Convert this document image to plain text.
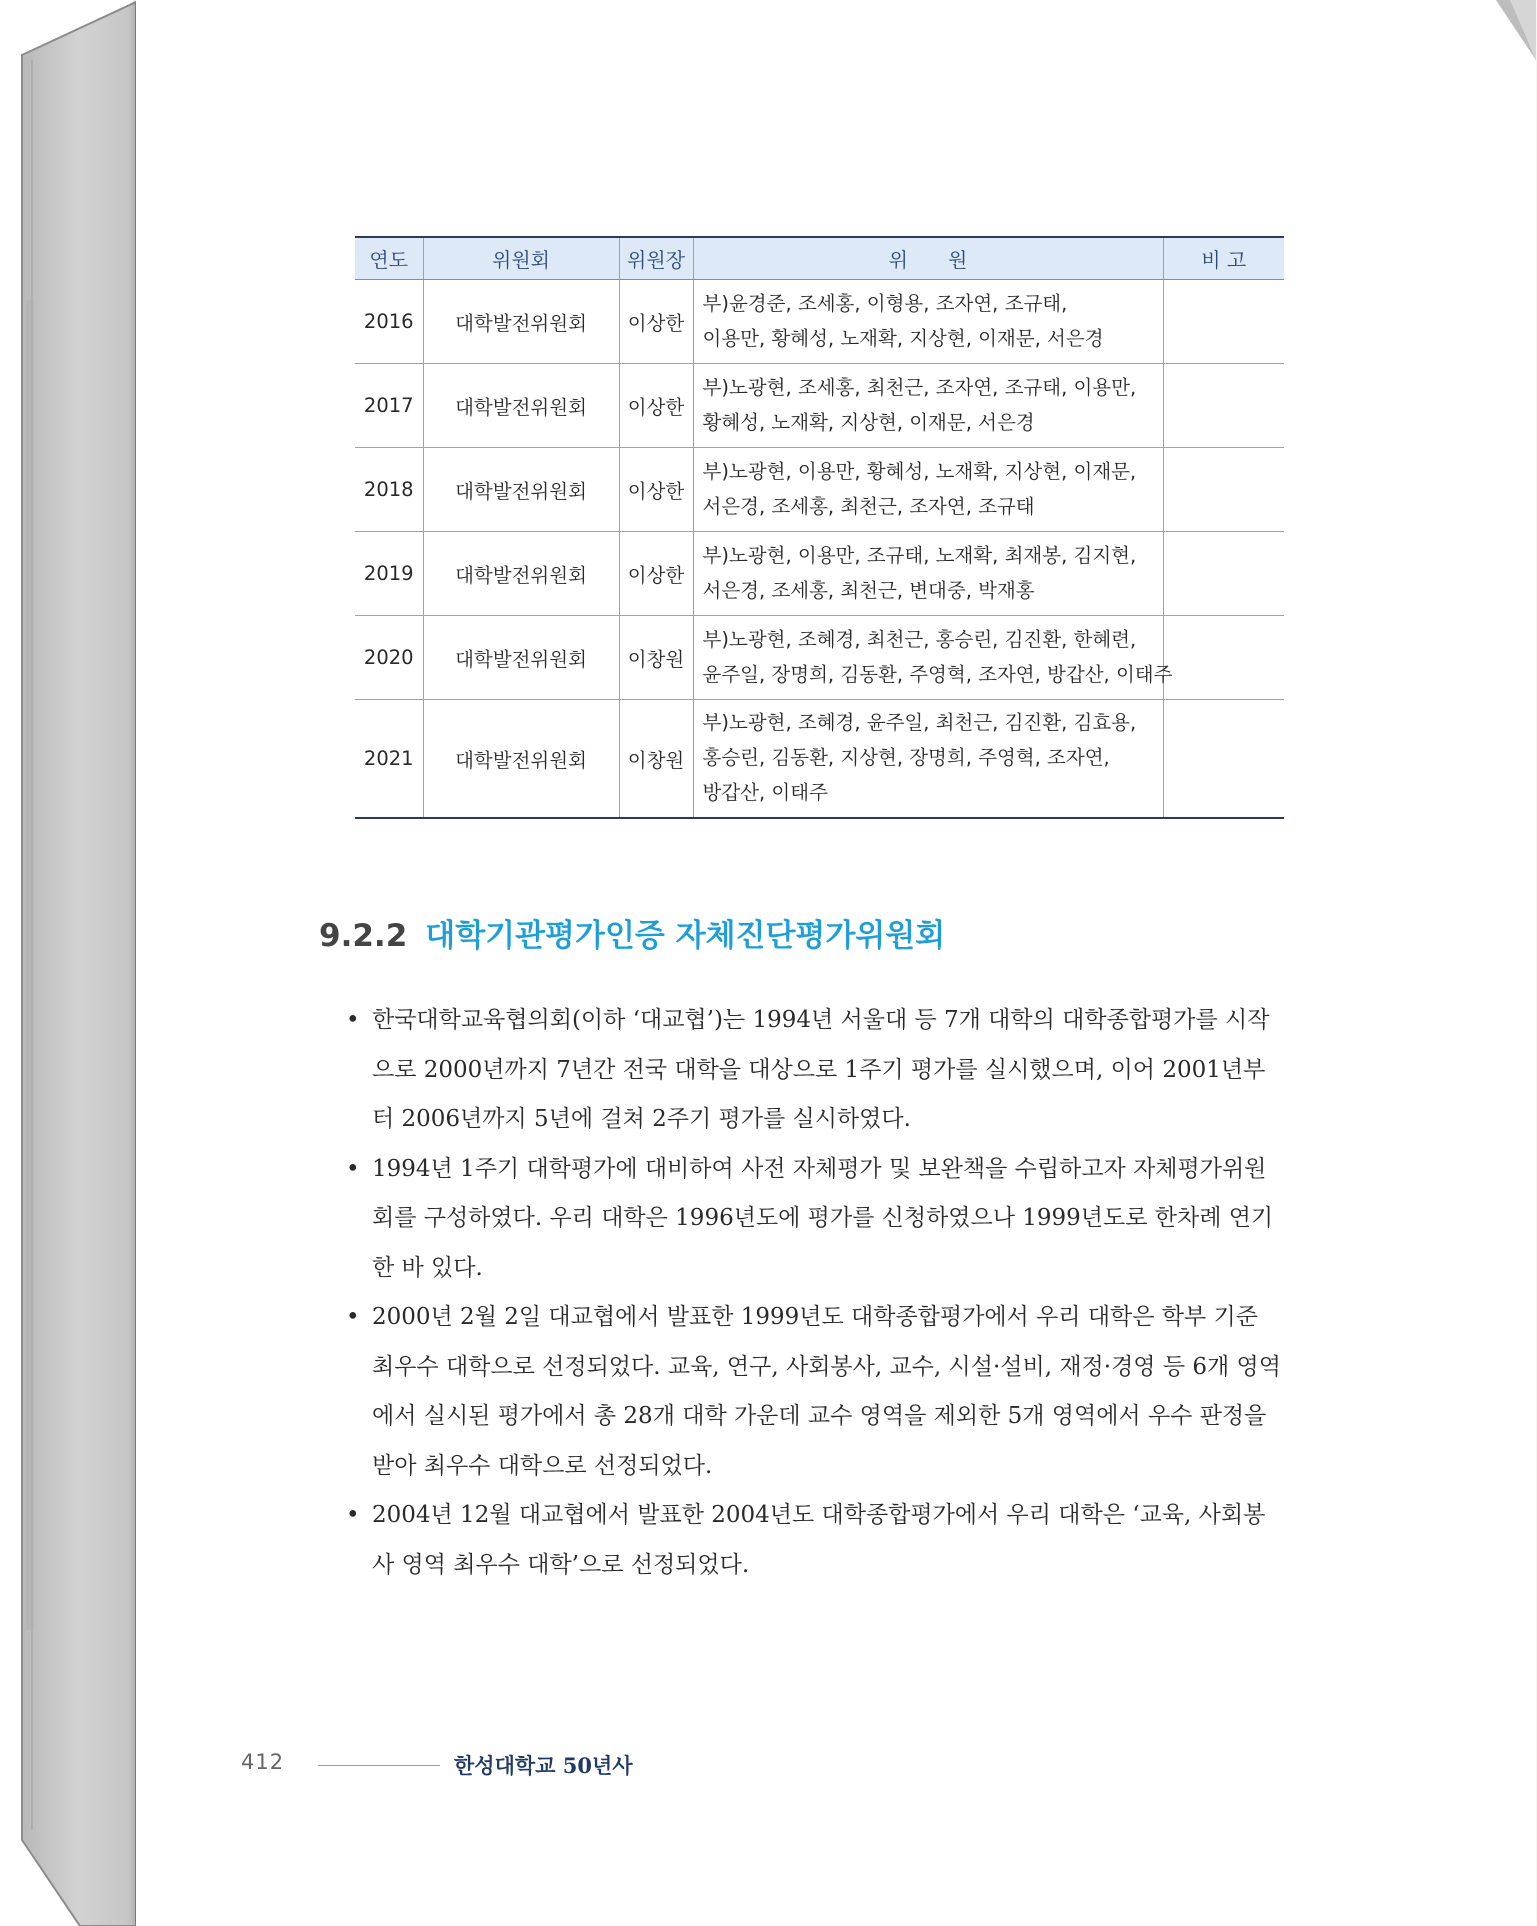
연도	위원회	위원장	위　　원	비 고
2016	대학발전위원회	이상한	부)윤경준, 조세홍, 이형용, 조자연, 조규태,
이용만, 황혜성, 노재확, 지상현, 이재문, 서은경	

2017	대학발전위원회	이상한	부)노광현, 조세홍, 최천근, 조자연, 조규태, 이용만,
황혜성, 노재확, 지상현, 이재문, 서은경	

2018	대학발전위원회	이상한	부)노광현, 이용만, 황혜성, 노재확, 지상현, 이재문,
서은경, 조세홍, 최천근, 조자연, 조규태	

2019	대학발전위원회	이상한	부)노광현, 이용만, 조규태, 노재확, 최재봉, 김지현,
서은경, 조세홍, 최천근, 변대중, 박재홍	

2020	대학발전위원회	이창원	부)노광현, 조혜경, 최천근, 홍승린, 김진환, 한혜련,
윤주일, 장명희, 김동환, 주영혁, 조자연, 방갑산, 이태주	

2021	대학발전위원회	이창원	부)노광현, 조혜경, 윤주일, 최천근, 김진환, 김효용,
홍승린, 김동환, 지상현, 장명희, 주영혁, 조자연,
방갑산, 이태주	

9.2.2 대학기관평가인증 자체진단평가위원회
• 한국대학교육협의회(이하 ‘대교협’)는 1994년 서울대 등 7개 대학의 대학종합평가를 시작으로 2000년까지 7년간 전국 대학을 대상으로 1주기 평가를 실시했으며, 이어 2001년부터 2006년까지 5년에 걸쳐 2주기 평가를 실시하였다.
• 1994년 1주기 대학평가에 대비하여 사전 자체평가 및 보완책을 수립하고자 자체평가위원회를 구성하였다. 우리 대학은 1996년도에 평가를 신청하였으나 1999년도로 한차례 연기한 바 있다.
• 2000년 2월 2일 대교협에서 발표한 1999년도 대학종합평가에서 우리 대학은 학부 기준 최우수 대학으로 선정되었다. 교육, 연구, 사회봉사, 교수, 시설·설비, 재정·경영 등 6개 영역에서 실시된 평가에서 총 28개 대학 가운데 교수 영역을 제외한 5개 영역에서 우수 판정을 받아 최우수 대학으로 선정되었다.
• 2004년 12월 대교협에서 발표한 2004년도 대학종합평가에서 우리 대학은 ‘교육, 사회봉사 영역 최우수 대학’으로 선정되었다.
412	한성대학교 50년사
